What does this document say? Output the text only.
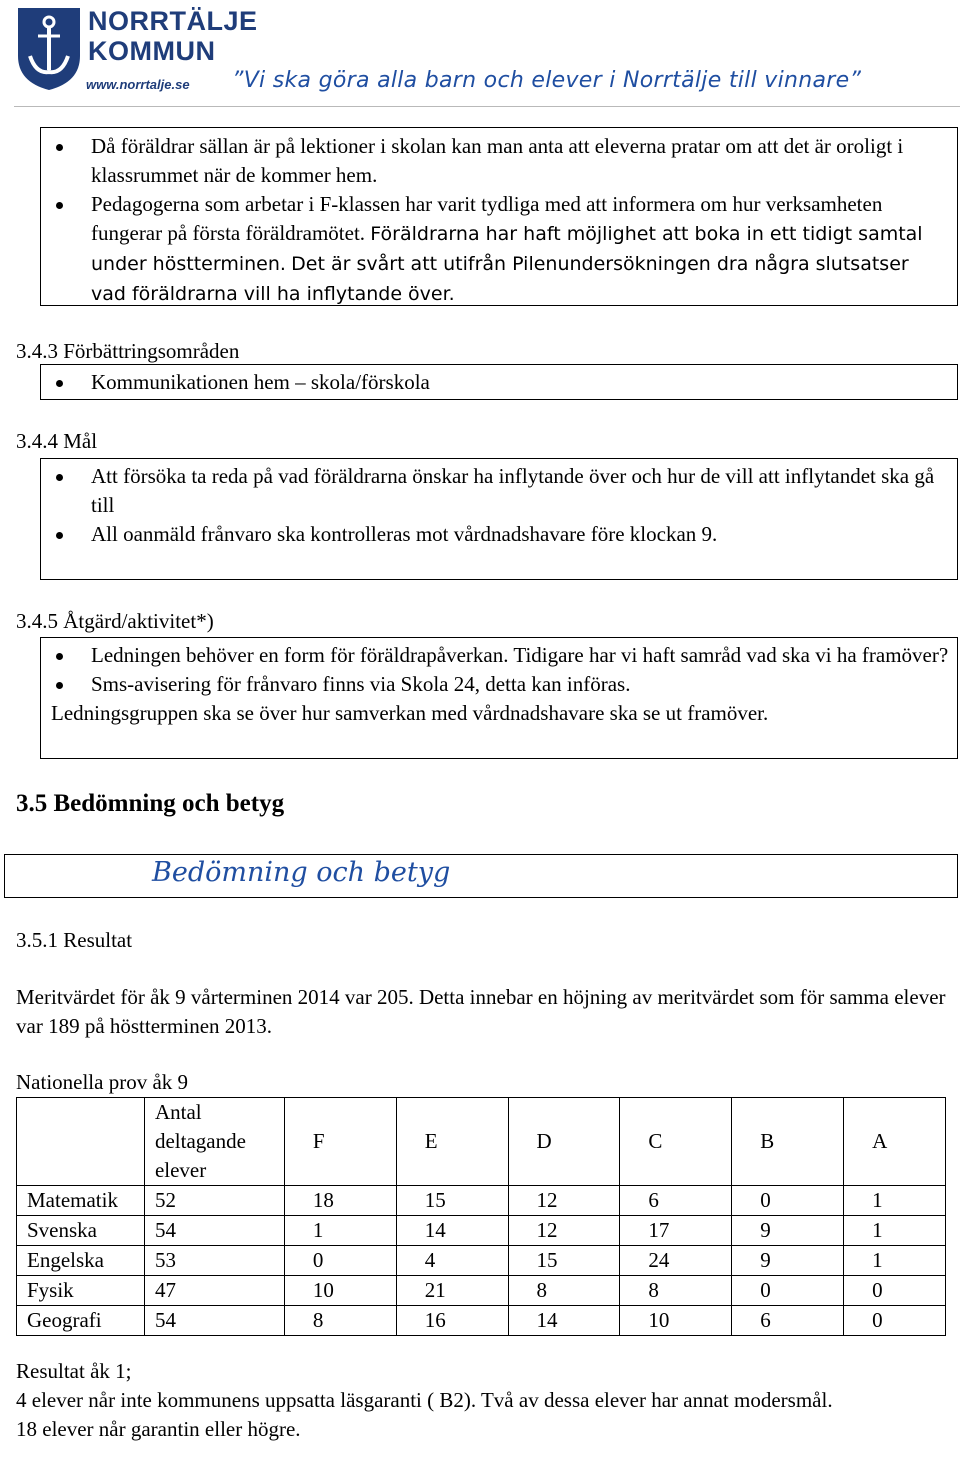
NORRTÄLJE
KOMMUN
www.norrtalje.se ”Vi ska göra alla barn och elever i Norrtälje till vinnare”
Då föräldrar sällan är på lektioner i skolan kan man anta att eleverna pratar om att det är oroligt i klassrummet när de kommer hem.
Pedagogerna som arbetar i F-klassen har varit tydliga med att informera om hur verksamheten fungerar på första föräldramötet. Föräldrarna har haft möjlighet att boka in ett tidigt samtal under höstterminen. Det är svårt att utifrån Pilenundersökningen dra några slutsatser vad föräldrarna vill ha inflytande över.
3.4.3 Förbättringsområden
Kommunikationen hem – skola/förskola
3.4.4 Mål
Att försöka ta reda på vad föräldrarna önskar ha inflytande över och hur de vill att inflytandet ska gå till
All oanmäld frånvaro ska kontrolleras mot vårdnadshavare före klockan 9.
3.4.5 Åtgärd/aktivitet*)
Ledningen behöver en form för föräldrapåverkan. Tidigare har vi haft samråd vad ska vi ha framöver?
Sms-avisering för frånvaro finns via Skola 24, detta kan införas.
Ledningsgruppen ska se över hur samverkan med vårdnadshavare ska se ut framöver.
3.5 Bedömning och betyg
Bedömning och betyg
3.5.1 Resultat
Meritvärdet för åk 9 vårterminen 2014 var 205. Detta innebar en höjning av meritvärdet som för samma elever var 189 på höstterminen 2013.
Nationella prov åk 9
	Antal deltagande elever	F	E	D	C	B	A
Matematik	52	18	15	12	6	0	1
Svenska	54	1	14	12	17	9	1
Engelska	53	0	4	15	24	9	1
Fysik	47	10	21	8	8	0	0
Geografi	54	8	16	14	10	6	0
Resultat åk 1;
4 elever når inte kommunens uppsatta läsgaranti ( B2). Två av dessa elever har annat modersmål.
18 elever når garantin eller högre.
